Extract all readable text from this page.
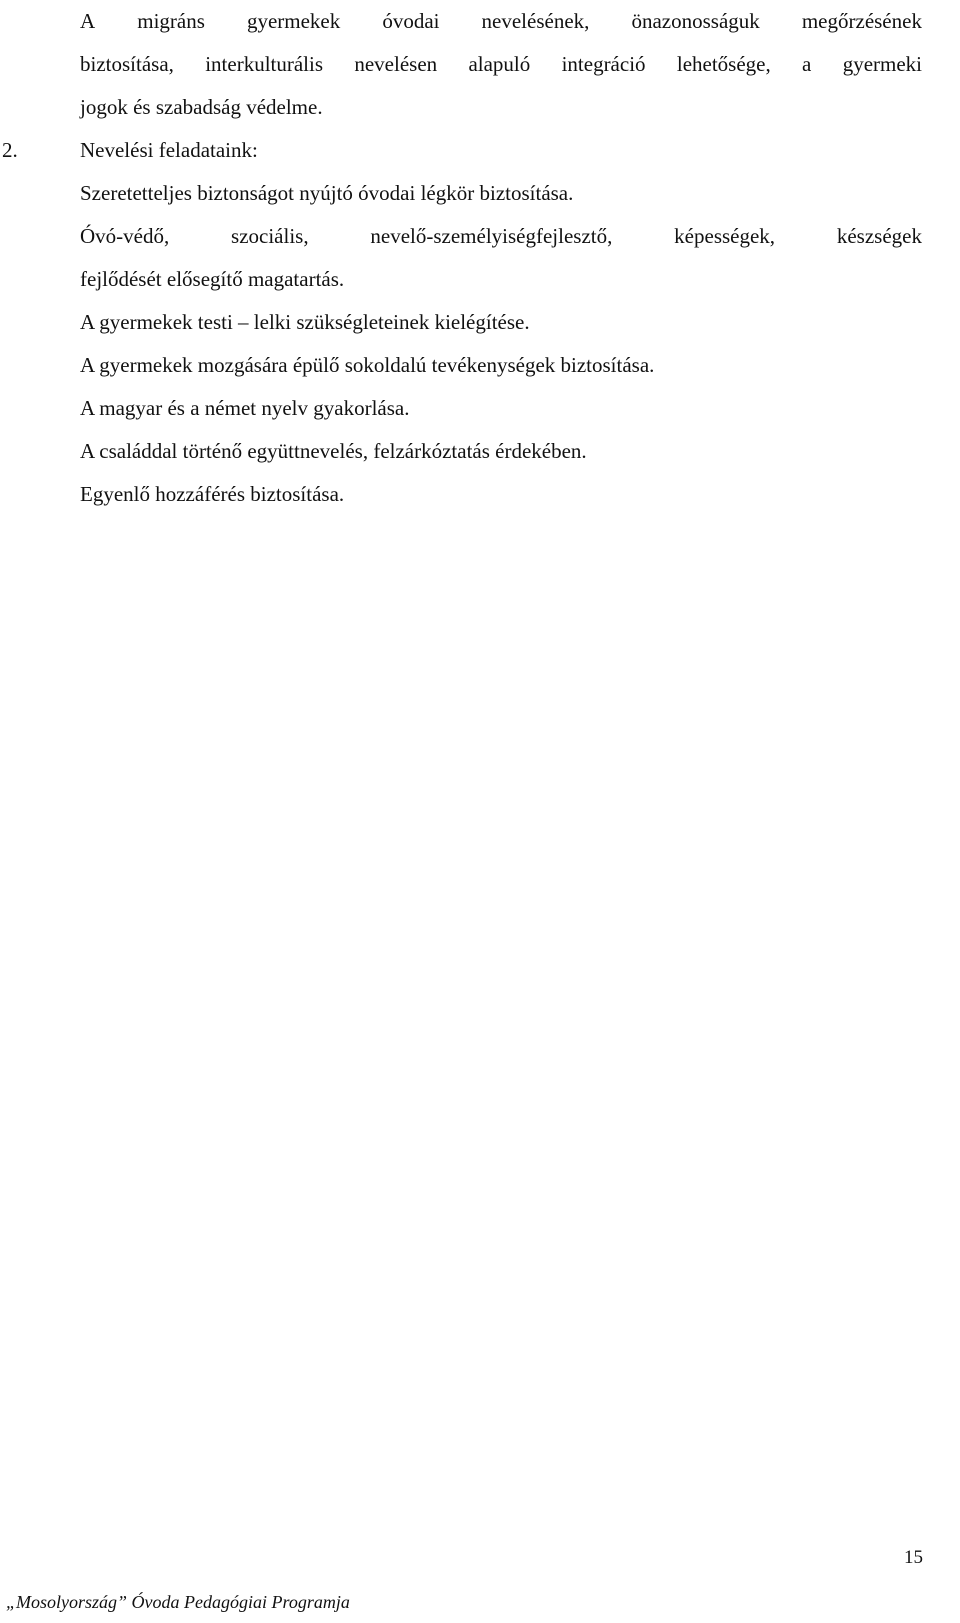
A migráns gyermekek óvodai nevelésének, önazonosságuk megőrzésének
biztosítása, interkulturális nevelésen alapuló integráció lehetősége, a gyermeki
jogok és szabadság védelme.
2.	Nevelési feladataink:
Szeretetteljes biztonságot nyújtó óvodai légkör biztosítása.
Óvó-védő,	szociális,	nevelő-személyiségfejlesztő,	képességek,	készségek
fejlődését elősegítő magatartás.
A gyermekek testi – lelki szükségleteinek kielégítése.
A gyermekek mozgására épülő sokoldalú tevékenységek biztosítása.
A magyar és a német nyelv gyakorlása.
A családdal történő együttnevelés, felzárkóztatás érdekében.
Egyenlő hozzáférés biztosítása.
15
„Mosolyország” Óvoda Pedagógiai Programja
